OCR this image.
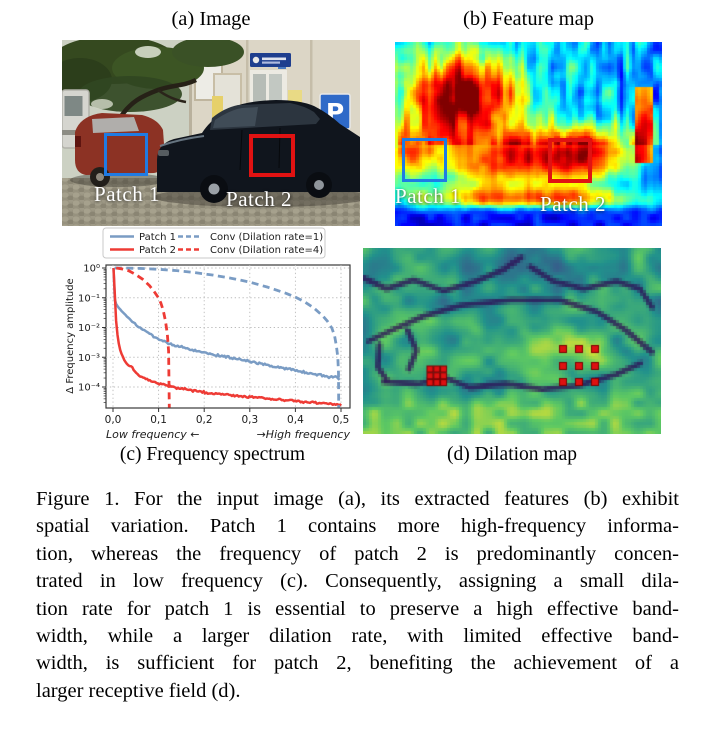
(a) Image	(b) Feature map
P
Patch 1	Patch 2	Patch 1	Patch 2
0,0	0,1	0,2	0,3	0,4	0,5
10⁰
10⁻¹
10⁻²
10⁻³
10⁻⁴
Δ Frequency amplitude
Patch 1
Patch 2
Conv (Dilation rate=1)
Conv (Dilation rate=4)
Low frequency ←	→High frequency
(c) Frequency spectrum	(d) Dilation map
Figure 1. For the input image (a), its extracted features (b) exhibit
spatial variation. Patch 1 contains more high-frequency informa-
tion, whereas the frequency of patch 2 is predominantly concen-
trated in low frequency (c). Consequently, assigning a small dila-
tion rate for patch 1 is essential to preserve a high effective band-
width, while a larger dilation rate, with limited effective band-
width, is sufficient for patch 2, benefiting the achievement of a
larger receptive field (d).
